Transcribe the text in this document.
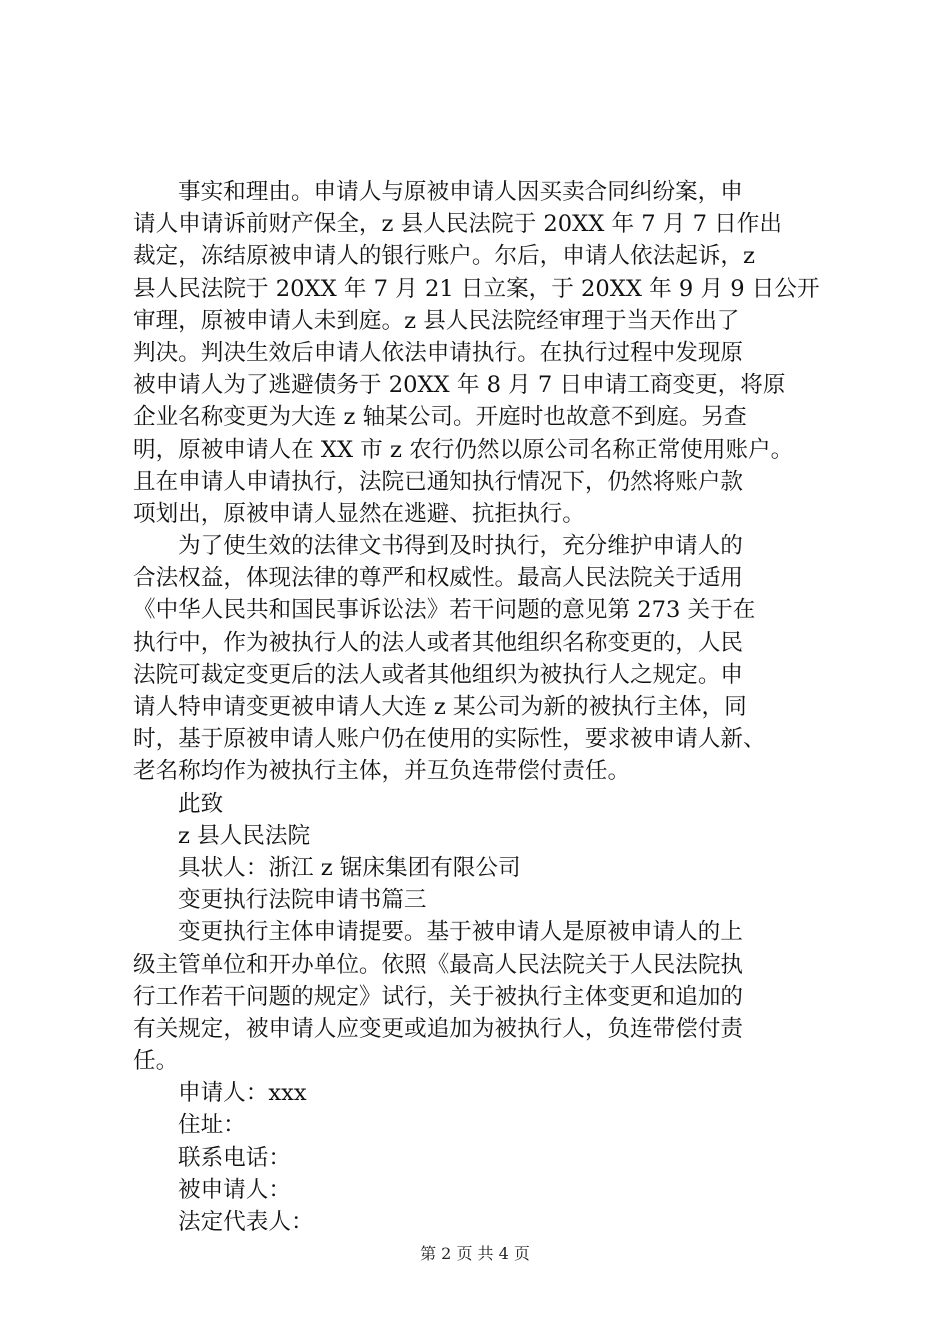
事实和理由。申请人与原被申请人因买卖合同纠纷案，申
请人申请诉前财产保全，z 县人民法院于 20XX 年 7 月 7 日作出
裁定，冻结原被申请人的银行账户。尔后，申请人依法起诉，z
县人民法院于 20XX 年 7 月 21 日立案，于 20XX 年 9 月 9 日公开
审理，原被申请人未到庭。z 县人民法院经审理于当天作出了
判决。判决生效后申请人依法申请执行。在执行过程中发现原
被申请人为了逃避债务于 20XX 年 8 月 7 日申请工商变更，将原
企业名称变更为大连 z 轴某公司。开庭时也故意不到庭。另查
明，原被申请人在 XX 市 z 农行仍然以原公司名称正常使用账户。
且在申请人申请执行，法院已通知执行情况下，仍然将账户款
项划出，原被申请人显然在逃避、抗拒执行。
为了使生效的法律文书得到及时执行，充分维护申请人的
合法权益，体现法律的尊严和权威性。最高人民法院关于适用
《中华人民共和国民事诉讼法》若干问题的意见第 273 关于在
执行中，作为被执行人的法人或者其他组织名称变更的，人民
法院可裁定变更后的法人或者其他组织为被执行人之规定。申
请人特申请变更被申请人大连 z 某公司为新的被执行主体，同
时，基于原被申请人账户仍在使用的实际性，要求被申请人新、
老名称均作为被执行主体，并互负连带偿付责任。
此致
z 县人民法院
具状人：浙江 z 锯床集团有限公司
变更执行法院申请书篇三
变更执行主体申请提要。基于被申请人是原被申请人的上
级主管单位和开办单位。依照《最高人民法院关于人民法院执
行工作若干问题的规定》试行，关于被执行主体变更和追加的
有关规定，被申请人应变更或追加为被执行人，负连带偿付责
任。
申请人：xxx
住址：
联系电话：
被申请人：
法定代表人：
第 2 页 共 4 页
